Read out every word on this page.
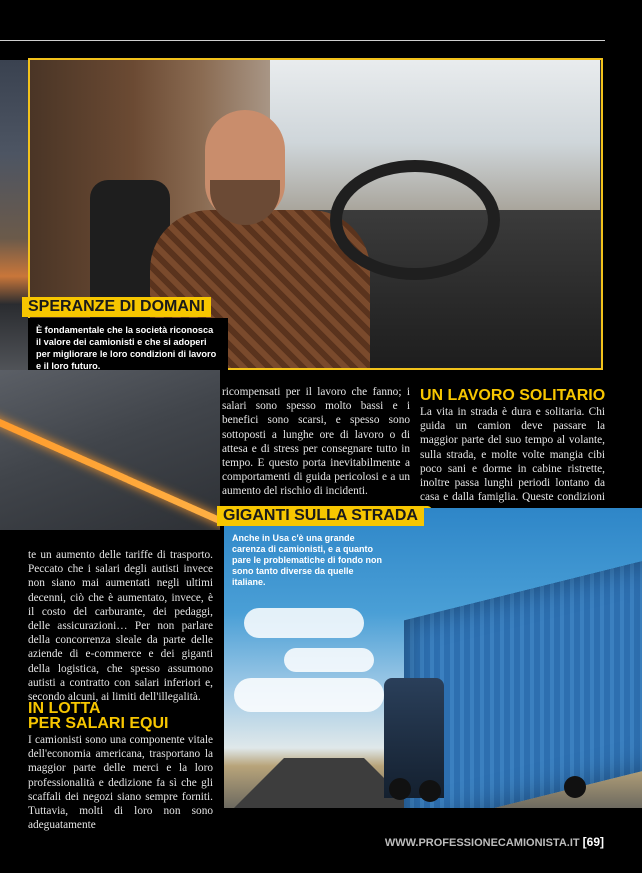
SPERANZE DI DOMANI
È fondamentale che la società riconosca il valore dei camionisti e che si adoperi per migliorare le loro condizioni di lavoro e il loro futuro.
ricompensati per il lavoro che fanno; i salari sono spesso molto bassi e i benefici sono scarsi, e spesso sono sottoposti a lunghe ore di lavoro o di attesa e di stress per consegnare tutto in tempo. E questo porta inevitabilmente a comportamenti di guida pericolosi e a un aumento del rischio di incidenti.
UN LAVORO SOLITARIO
La vita in strada è dura e solitaria. Chi guida un camion deve passare la maggior parte del suo tempo al volante, sulla strada, e molte volte mangia cibi poco sani e dorme in cabine ristrette, inoltre passa lunghi periodi lontano da casa e dalla famiglia. Queste condizioni
GIGANTI SULLA STRADA
Anche in Usa c'è una grande carenza di camionisti, e a quanto pare le problematiche di fondo non sono tanto diverse da quelle italiane.
te un aumento delle tariffe di trasporto. Peccato che i salari degli autisti invece non siano mai aumentati negli ultimi decenni, ciò che è aumentato, invece, è il costo del carburante, dei pedaggi, delle assicurazioni… Per non parlare della concorrenza sleale da parte delle aziende di e-commerce e dei giganti della logistica, che spesso assumono autisti a contratto con salari inferiori e, secondo alcuni, ai limiti dell'illegalità.
IN LOTTA
PER SALARI EQUI
I camionisti sono una componente vitale dell'economia americana, trasportano la maggior parte delle merci e la loro professionalità e dedizione fa sì che gli scaffali dei negozi siano sempre forniti. Tuttavia, molti di loro non sono adeguatamente
WWW.PROFESSIONECAMIONISTA.IT [69]
